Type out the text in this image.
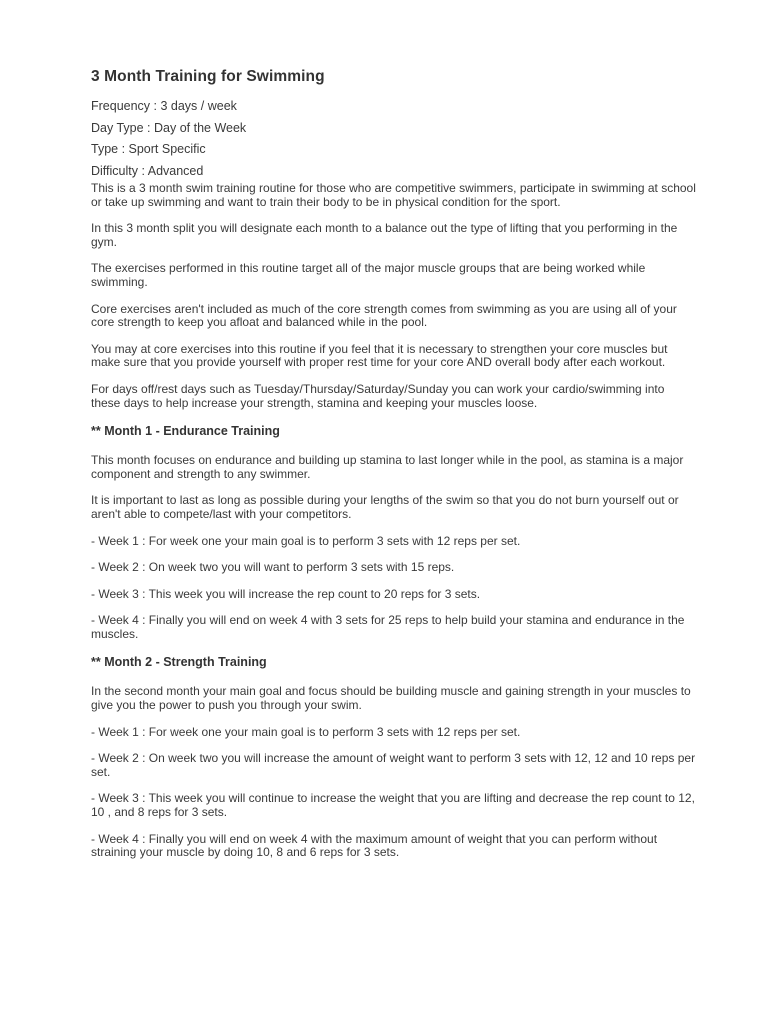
3 Month Training for Swimming
Frequency : 3 days / week
Day Type : Day of the Week
Type : Sport Specific
Difficulty : Advanced

This is a 3 month swim training routine for those who are competitive swimmers, participate in swimming at school or take up swimming and want to train their body to be in physical condition for the sport.

In this 3 month split you will designate each month to a balance out the type of lifting that you performing in the gym.

The exercises performed in this routine target all of the major muscle groups that are being worked while swimming.

Core exercises aren't included as much of the core strength comes from swimming as you are using all of your core strength to keep you afloat and balanced while in the pool.

You may at core exercises into this routine if you feel that it is necessary to strengthen your core muscles but make sure that you provide yourself with proper rest time for your core AND overall body after each workout.

For days off/rest days such as Tuesday/Thursday/Saturday/Sunday you can work your cardio/swimming into these days to help increase your strength, stamina and keeping your muscles loose.

** Month 1 - Endurance Training

This month focuses on endurance and building up stamina to last longer while in the pool, as stamina is a major component and strength to any swimmer.

It is important to last as long as possible during your lengths of the swim so that you do not burn yourself out or aren't able to compete/last with your competitors.

- Week 1 : For week one your main goal is to perform 3 sets with 12 reps per set.

- Week 2 : On week two you will want to perform 3 sets with 15 reps.

- Week 3 : This week you will increase the rep count to 20 reps for 3 sets.

- Week 4 : Finally you will end on week 4 with 3 sets for 25 reps to help build your stamina and endurance in the muscles.

** Month 2 - Strength Training

In the second month your main goal and focus should be building muscle and gaining strength in your muscles to give you the power to push you through your swim.

- Week 1 : For week one your main goal is to perform 3 sets with 12 reps per set.

- Week 2 : On week two you will increase the amount of weight want to perform 3 sets with 12, 12 and 10 reps per set.

- Week 3 : This week you will continue to increase the weight that you are lifting and decrease the rep count to 12, 10 , and 8 reps for 3 sets.

- Week 4 : Finally you will end on week 4 with the maximum amount of weight that you can perform without straining your muscle by doing 10, 8 and 6 reps for 3 sets.
